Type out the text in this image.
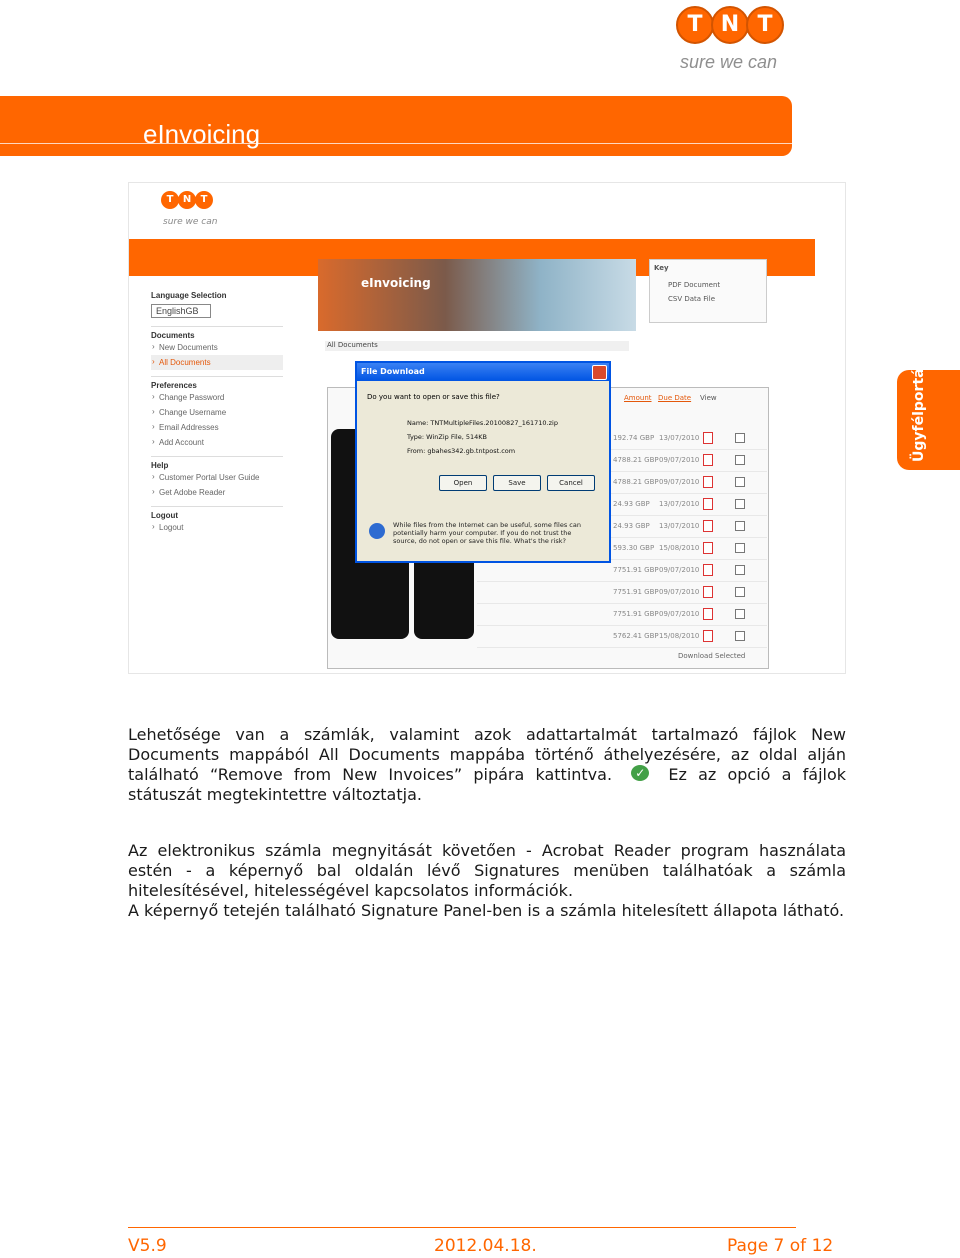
T N T
sure we can
eInvoicing
Ügyfélportál
T N T
sure we can
eInvoicing
Language Selection
EnglishGB
Documents
› New Documents
› All Documents
Preferences
› Change Password
› Change Username
› Email Addresses
› Add Account
Help
› Customer Portal User Guide
› Get Adobe Reader
Logout
› Logout
Key
PDF Document
CSV Data File
All Documents
Amount Due Date View
Download Selected
192.74 GBP 13/07/2010
4788.21 GBP 09/07/2010
4788.21 GBP 09/07/2010
24.93 GBP 13/07/2010
24.93 GBP 13/07/2010
593.30 GBP 15/08/2010
7751.91 GBP 09/07/2010
7751.91 GBP 09/07/2010
7751.91 GBP 09/07/2010
5762.41 GBP 15/08/2010
File Download
Do you want to open or save this file?
Name: TNTMultipleFiles.20100827_161710.zip
Type: WinZip File, 514KB
From: gbahes342.gb.tntpost.com
Open	Save	Cancel
While files from the Internet can be useful, some files can potentially harm your computer. If you do not trust the source, do not open or save this file. What's the risk?
Lehetősége van a számlák, valamint azok adattartalmát tartalmazó fájlok New Documents mappából All Documents mappába történő áthelyezésére, az oldal alján található “Remove from New Invoices” pipára kattintva. ✓ Ez az opció a fájlok státuszát megtekintettre változtatja.
Az elektronikus számla megnyitását követően - Acrobat Reader program használata estén - a képernyő bal oldalán lévő Signatures menüben találhatóak a számla hitelesítésével, hitelességével kapcsolatos információk.
A képernyő tetején található Signature Panel-ben is a számla hitelesített állapota látható.
V5.9	2012.04.18.	Page 7 of 12
